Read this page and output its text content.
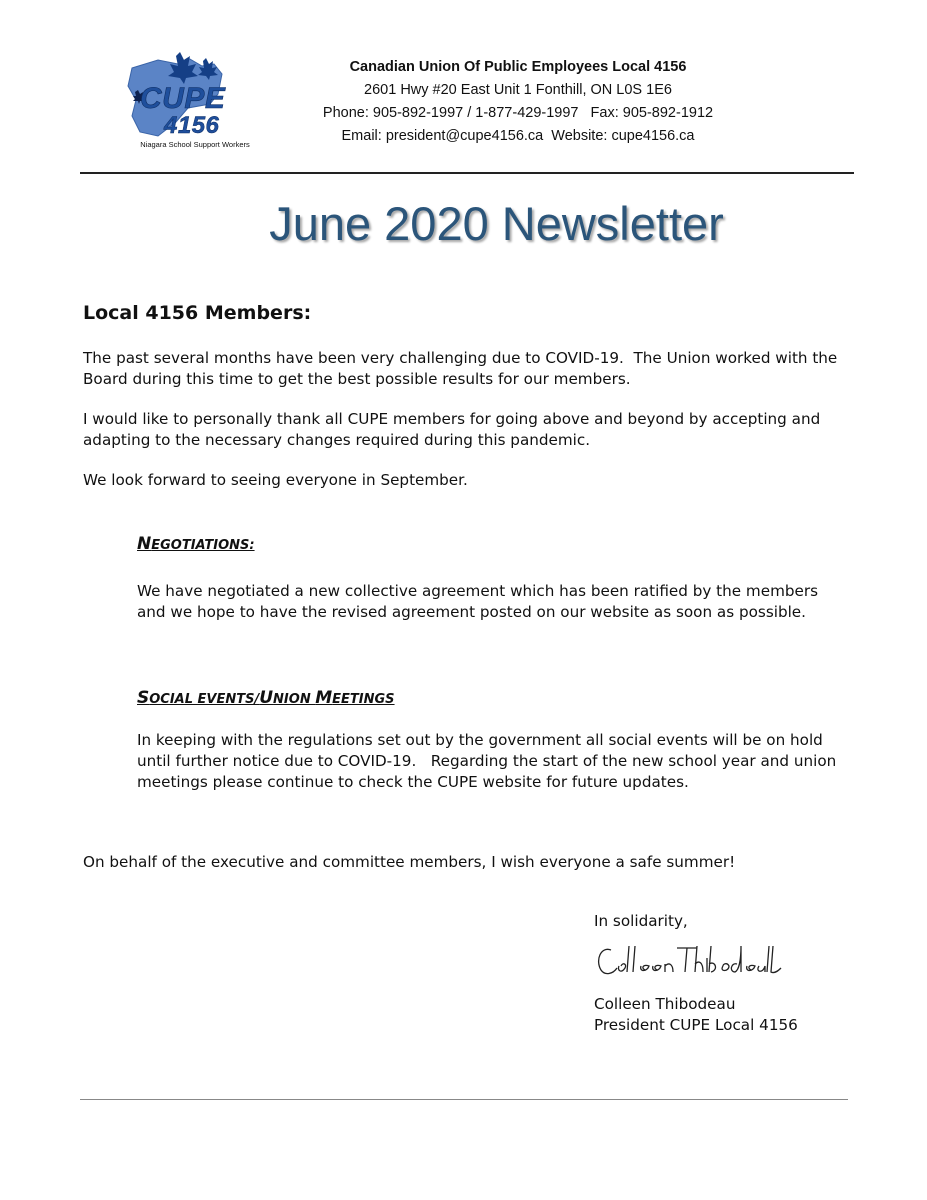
CUPE
4156
Niagara School Support Workers
Canadian Union Of Public Employees Local 4156
2601 Hwy #20 East Unit 1 Fonthill, ON L0S 1E6
Phone: 905-892-1997 / 1-877-429-1997   Fax: 905-892-1912
Email: president@cupe4156.ca  Website: cupe4156.ca
June 2020 Newsletter
Local 4156 Members:
The past several months have been very challenging due to COVID-19.  The Union worked with the Board during this time to get the best possible results for our members.
I would like to personally thank all CUPE members for going above and beyond by accepting and adapting to the necessary changes required during this pandemic.
We look forward to seeing everyone in September.
NEGOTIATIONS:
We have negotiated a new collective agreement which has been ratified by the members and we hope to have the revised agreement posted on our website as soon as possible.
SOCIAL EVENTS/UNION MEETINGS
In keeping with the regulations set out by the government all social events will be on hold until further notice due to COVID-19.   Regarding the start of the new school year and union meetings please continue to check the CUPE website for future updates.
On behalf of the executive and committee members, I wish everyone a safe summer!
In solidarity,
Colleen Thibodeau
President CUPE Local 4156
